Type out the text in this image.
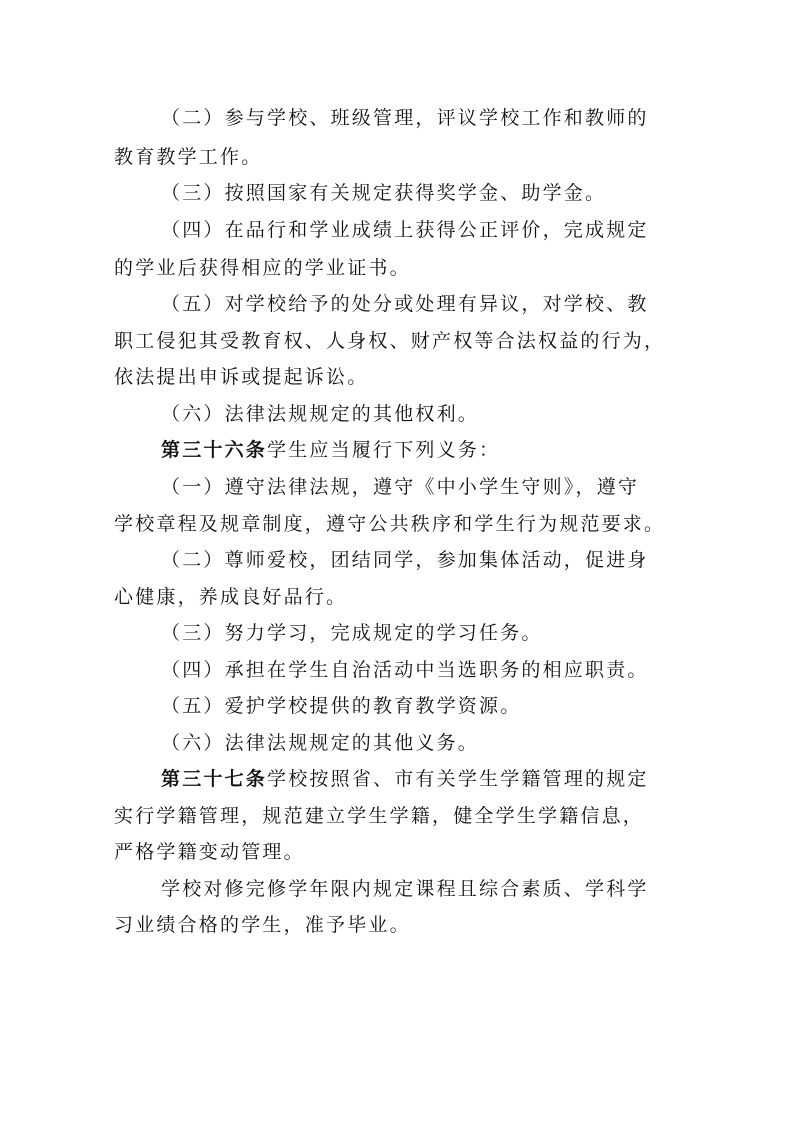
（二）参与学校、班级管理，评议学校工作和教师的
教育教学工作。
（三）按照国家有关规定获得奖学金、助学金。
（四）在品行和学业成绩上获得公正评价，完成规定
的学业后获得相应的学业证书。
（五）对学校给予的处分或处理有异议，对学校、教
职工侵犯其受教育权、人身权、财产权等合法权益的行为，
依法提出申诉或提起诉讼。
（六）法律法规规定的其他权利。
第三十六条学生应当履行下列义务：
（一）遵守法律法规，遵守《中小学生守则》，遵守
学校章程及规章制度，遵守公共秩序和学生行为规范要求。
（二）尊师爱校，团结同学，参加集体活动，促进身
心健康，养成良好品行。
（三）努力学习，完成规定的学习任务。
（四）承担在学生自治活动中当选职务的相应职责。
（五）爱护学校提供的教育教学资源。
（六）法律法规规定的其他义务。
第三十七条学校按照省、市有关学生学籍管理的规定
实行学籍管理，规范建立学生学籍，健全学生学籍信息，
严格学籍变动管理。
学校对修完修学年限内规定课程且综合素质、学科学
习业绩合格的学生，准予毕业。
